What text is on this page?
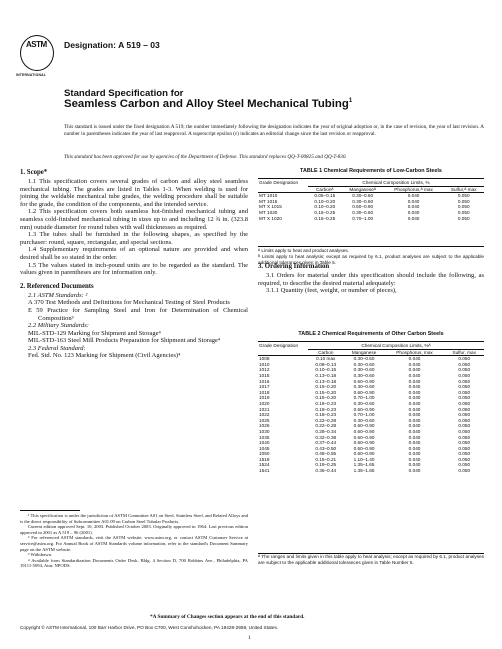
ASTM
INTERNATIONAL
Designation: A 519 – 03
Standard Specification for
Seamless Carbon and Alloy Steel Mechanical Tubing$^1$
This standard is issued under the fixed designation A 519; the number immediately following the designation indicates the year of original adoption or, in the case of revision, the year of last revision. A number in parentheses indicates the year of last reapproval. A superscript epsilon (ε) indicates an editorial change since the last revision or reapproval.
This standard has been approved for use by agencies of the Department of Defense. This standard replaces QQ-T-00825 and QQ-T-830.
1. Scope*

1.1 This specification covers several grades of carbon and alloy steel seamless mechanical tubing. The grades are listed in Tables 1-3. When welding is used for joining the weldable mechanical tube grades, the welding procedure shall be suitable for the grade, the condition of the components, and the intended service.

1.2 This specification covers both seamless hot-finished mechanical tubing and seamless cold-finished mechanical tubing in sizes up to and including 12 ¾ in. (323.8 mm) outside diameter for round tubes with wall thicknesses as required.

1.3 The tubes shall be furnished in the following shapes, as specified by the purchaser: round, square, rectangular, and special sections.

1.4 Supplementary requirements of an optional nature are provided and when desired shall be so stated in the order.

1.5 The values stated in inch-pound units are to be regarded as the standard. The values given in parentheses are for information only.

2. Referenced Documents

2.1 ASTM Standards: ²

A 370 Test Methods and Definitions for Mechanical Testing of Steel Products

E 59 Practice for Sampling Steel and Iron for Determination of Chemical Composition³

2.2 Military Standards:

MIL-STD-129 Marking for Shipment and Storage⁴

MIL-STD-163 Steel Mill Products Preparation for Shipment and Storage⁴

2.3 Federal Standard:

Fed. Std. No. 123 Marking for Shipment (Civil Agencies)⁴

¹ This specification is under the jurisdiction of ASTM Committee A01 on Steel, Stainless Steel, and Related Alloys and is the direct responsibility of Subcommittee A01.09 on Carbon Steel Tubular Products.

Current edition approved Sept. 10, 2003. Published October 2003. Originally approved in 1964. Last previous edition approved in 2001 as A 519 – 96 (2001).

² For referenced ASTM standards, visit the ASTM website, www.astm.org, or contact ASTM Customer Service at service@astm.org. For Annual Book of ASTM Standards volume information, refer to the standard's Document Summary page on the ASTM website.

³ Withdrawn.

⁴ Available from Standardization Documents Order Desk, Bldg. 4 Section D, 700 Robbins Ave., Philadelphia, PA 19111-5094, Attn: NPODS.

TABLE 1 Chemical Requirements of Low-Carbon Steels
Grade Designation	Chemical Composition Limits, %			
	Carbonᴬ	Manganeseᴬ	Phosphorus,ᴬ max	Sulfur,ᴬ max
MT 1010	0.05–0.15	0.30–0.60	0.040	0.050
MT 1015	0.10–0.20	0.30–0.60	0.040	0.050
MT X 1015	0.10–0.20	0.60–0.90	0.040	0.050
MT 1020	0.15–0.25	0.30–0.60	0.040	0.050
MT X 1020	0.15–0.25	0.70–1.00	0.040	0.050

ᴬ Limits apply to heat and product analyses.

ᴮ Limits apply to heat analysis; except as required by 6.1, product analyses are subject to the applicable additional tolerances given in Table 5.

3. Ordering Information

3.1 Orders for material under this specification should include the following, as required, to describe the desired material adequately:

3.1.1 Quantity (feet, weight, or number of pieces),

TABLE 2 Chemical Requirements of Other Carbon Steels
Grade Designation	Chemical Composition Limits, %ᴬ			
	Carbon	Manganese	Phosphorus, max	Sulfur, max
1008	0.10 max	0.30–0.50	0.040	0.050
1010	0.08–0.13	0.30–0.60	0.040	0.050
1012	0.10–0.15	0.30–0.60	0.040	0.050
1015	0.13–0.18	0.30–0.60	0.040	0.050
1016	0.13–0.18	0.60–0.90	0.040	0.050
1017	0.15–0.20	0.30–0.60	0.040	0.050
1018	0.15–0.20	0.60–0.90	0.040	0.050
1019	0.15–0.20	0.70–1.00	0.040	0.050
1020	0.18–0.23	0.30–0.60	0.040	0.050
1021	0.18–0.23	0.60–0.90	0.040	0.050
1022	0.18–0.23	0.70–1.00	0.040	0.050
1025	0.22–0.28	0.30–0.60	0.040	0.050
1026	0.22–0.28	0.60–0.90	0.040	0.050
1030	0.28–0.34	0.60–0.90	0.040	0.050
1035	0.32–0.38	0.60–0.90	0.040	0.050
1040	0.37–0.44	0.60–0.90	0.040	0.050
1045	0.43–0.50	0.60–0.90	0.040	0.050
1050	0.48–0.55	0.60–0.90	0.040	0.050
1518	0.15–0.21	1.10–1.40	0.040	0.050
1524	0.19–0.25	1.35–1.65	0.040	0.050
1541	0.36–0.44	1.35–1.65	0.040	0.050
ᴬ The ranges and limits given in this table apply to heat analysis; except as required by 6.1, product analyses are subject to the applicable additional tolerances given in Table Number 5.
*A Summary of Changes section appears at the end of this standard.
Copyright © ASTM International, 100 Barr Harbor Drive, PO Box C700, West Conshohocken, PA 19428-2959, United States.
1
